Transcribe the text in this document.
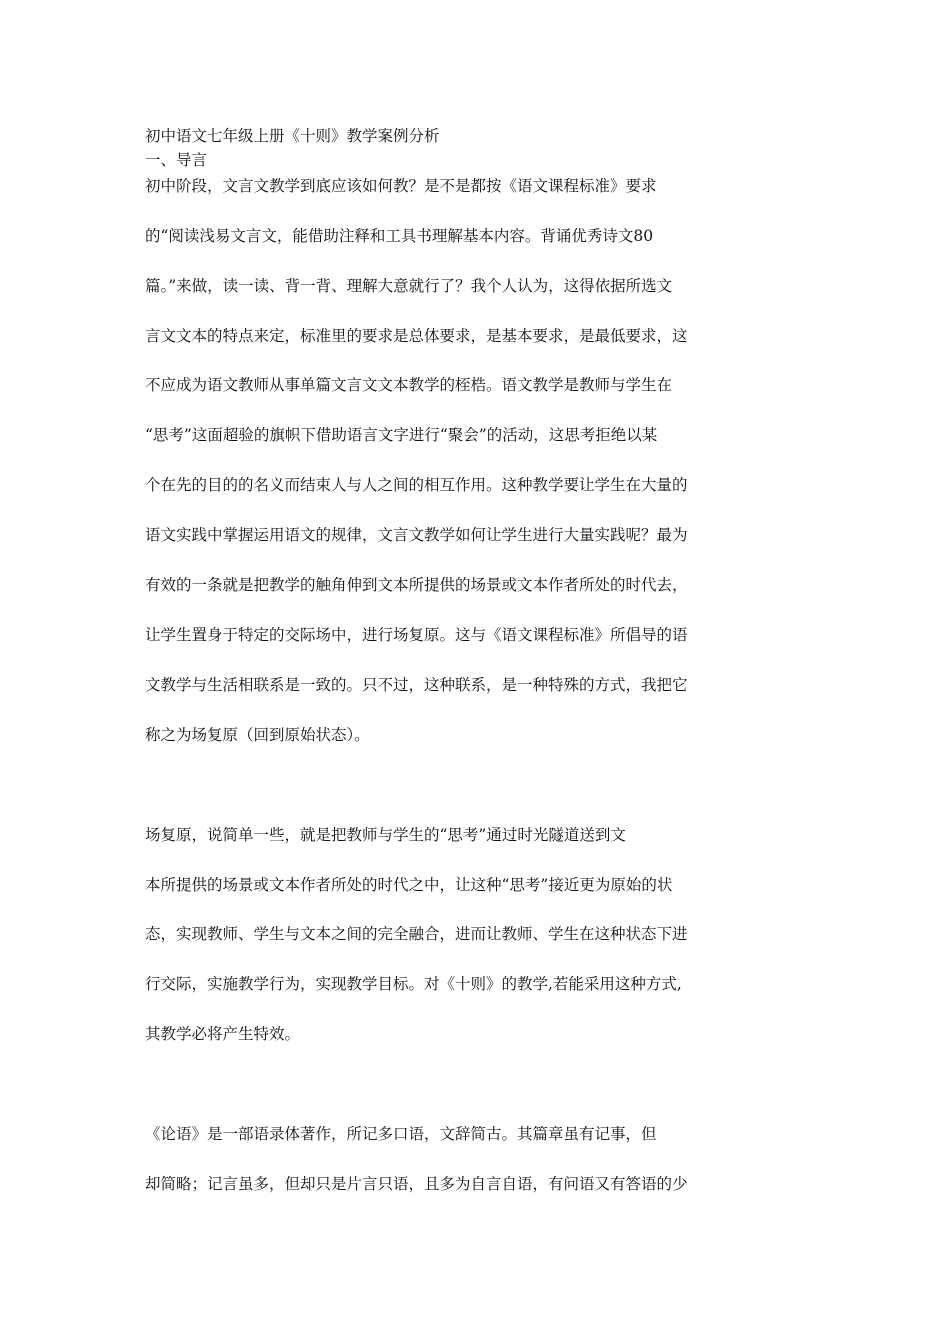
初中语文七年级上册《十则》教学案例分析
一、导言
初中阶段，文言文教学到底应该如何教？是不是都按《语文课程标准》要求
的“阅读浅易文言文，能借助注释和工具书理解基本内容。背诵优秀诗文80
篇。”来做，读一读、背一背、理解大意就行了？我个人认为，这得依据所选文
言文文本的特点来定，标准里的要求是总体要求，是基本要求，是最低要求，这
不应成为语文教师从事单篇文言文文本教学的桎梏。语文教学是教师与学生在
“思考”这面超验的旗帜下借助语言文字进行“聚会”的活动，这思考拒绝以某
个在先的目的的名义而结束人与人之间的相互作用。这种教学要让学生在大量的
语文实践中掌握运用语文的规律，文言文教学如何让学生进行大量实践呢？最为
有效的一条就是把教学的触角伸到文本所提供的场景或文本作者所处的时代去，
让学生置身于特定的交际场中，进行场复原。这与《语文课程标准》所倡导的语
文教学与生活相联系是一致的。只不过，这种联系，是一种特殊的方式，我把它
称之为场复原（回到原始状态）。
场复原，说简单一些，就是把教师与学生的“思考”通过时光隧道送到文
本所提供的场景或文本作者所处的时代之中，让这种“思考”接近更为原始的状
态，实现教师、学生与文本之间的完全融合，进而让教师、学生在这种状态下进
行交际，实施教学行为，实现教学目标。对《十则》的教学,若能采用这种方式,
其教学必将产生特效。
《论语》是一部语录体著作，所记多口语，文辞简古。其篇章虽有记事，但
却简略；记言虽多，但却只是片言只语，且多为自言自语，有问语又有答语的少
